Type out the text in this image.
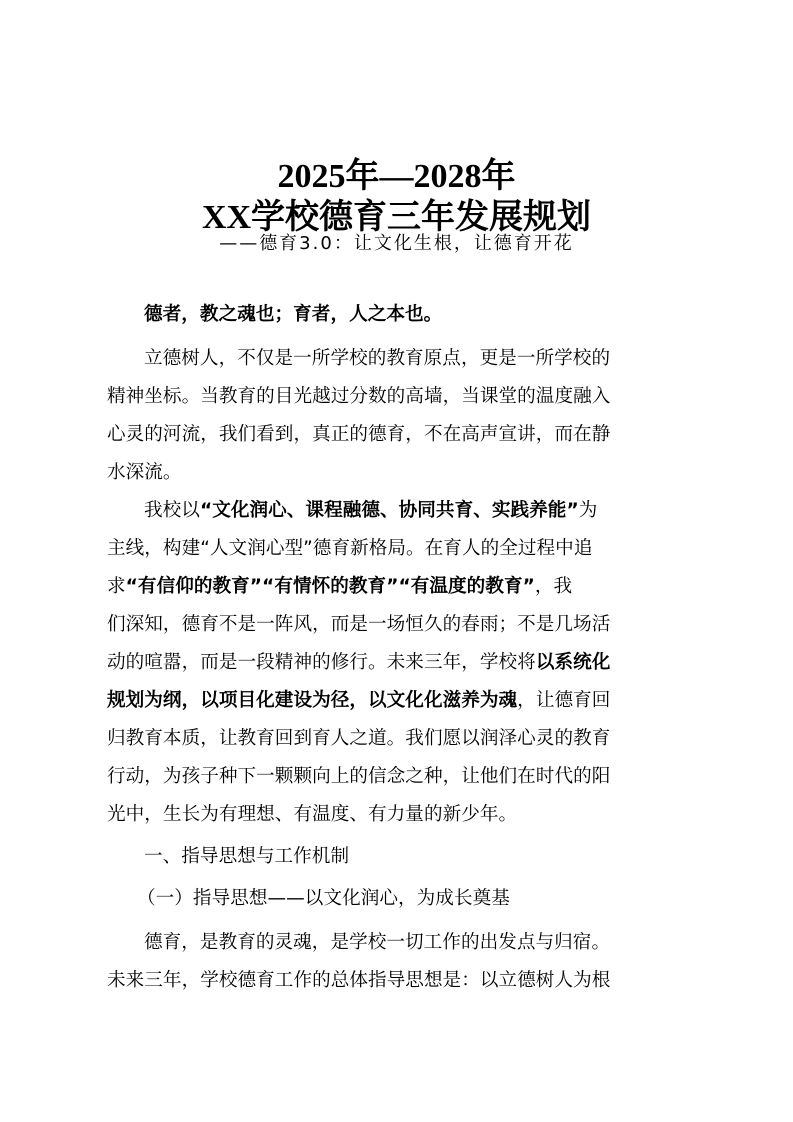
2025年—2028年
XX学校德育三年发展规划
——德育3.0：让文化生根，让德育开花
德者，教之魂也；育者，人之本也。
立德树人，不仅是一所学校的教育原点，更是一所学校的
精神坐标。当教育的目光越过分数的高墙，当课堂的温度融入
心灵的河流，我们看到，真正的德育，不在高声宣讲，而在静
水深流。
我校以“文化润心、课程融德、协同共育、实践养能”为
主线，构建“人文润心型”德育新格局。在育人的全过程中追
求“有信仰的教育”“有情怀的教育”“有温度的教育”，我
们深知，德育不是一阵风，而是一场恒久的春雨；不是几场活
动的喧嚣，而是一段精神的修行。未来三年，学校将以系统化
规划为纲，以项目化建设为径，以文化化滋养为魂，让德育回
归教育本质，让教育回到育人之道。我们愿以润泽心灵的教育
行动，为孩子种下一颗颗向上的信念之种，让他们在时代的阳
光中，生长为有理想、有温度、有力量的新少年。
一、指导思想与工作机制
（一）指导思想——以文化润心，为成长奠基
德育，是教育的灵魂，是学校一切工作的出发点与归宿。
未来三年，学校德育工作的总体指导思想是：以立德树人为根
